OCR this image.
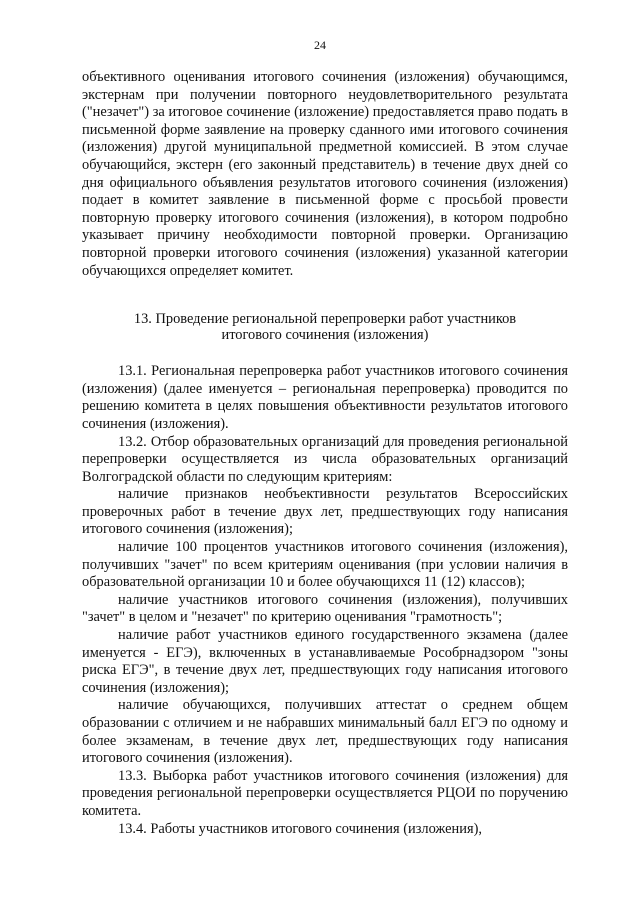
24

объективного оценивания итогового сочинения (изложения) обучающимся, экстернам при получении повторного неудовлетворительного результата ("незачет") за итоговое сочинение (изложение) предоставляется право подать в письменной форме заявление на проверку сданного ими итогового сочинения (изложения) другой муниципальной предметной комиссией. В этом случае обучающийся, экстерн (его законный представитель) в течение двух дней со дня официального объявления результатов итогового сочинения (изложения) подает в комитет заявление в письменной форме с просьбой провести повторную проверку итогового сочинения (изложения), в котором подробно указывает причину необходимости повторной проверки. Организацию повторной проверки итогового сочинения (изложения) указанной категории обучающихся определяет комитет.

13. Проведение региональной перепроверки работ участников
итогового сочинения (изложения)

13.1. Региональная перепроверка работ участников итогового сочинения (изложения) (далее именуется – региональная перепроверка) проводится по решению комитета в целях повышения объективности результатов итогового сочинения (изложения).

13.2. Отбор образовательных организаций для проведения региональной перепроверки осуществляется из числа образовательных организаций Волгоградской области по следующим критериям:

наличие признаков необъективности результатов Всероссийских проверочных работ в течение двух лет, предшествующих году написания итогового сочинения (изложения);

наличие 100 процентов участников итогового сочинения (изложения), получивших "зачет" по всем критериям оценивания (при условии наличия в образовательной организации 10 и более обучающихся 11 (12) классов);

наличие участников итогового сочинения (изложения), получивших "зачет" в целом и "незачет" по критерию оценивания "грамотность";

наличие работ участников единого государственного экзамена (далее именуется - ЕГЭ), включенных в устанавливаемые Рособрнадзором "зоны риска ЕГЭ", в течение двух лет, предшествующих году написания итогового сочинения (изложения);

наличие обучающихся, получивших аттестат о среднем общем образовании с отличием и не набравших минимальный балл ЕГЭ по одному и более экзаменам, в течение двух лет, предшествующих году написания итогового сочинения (изложения).

13.3. Выборка работ участников итогового сочинения (изложения) для проведения региональной перепроверки осуществляется РЦОИ по поручению комитета.

13.4. Работы участников итогового сочинения (изложения),
